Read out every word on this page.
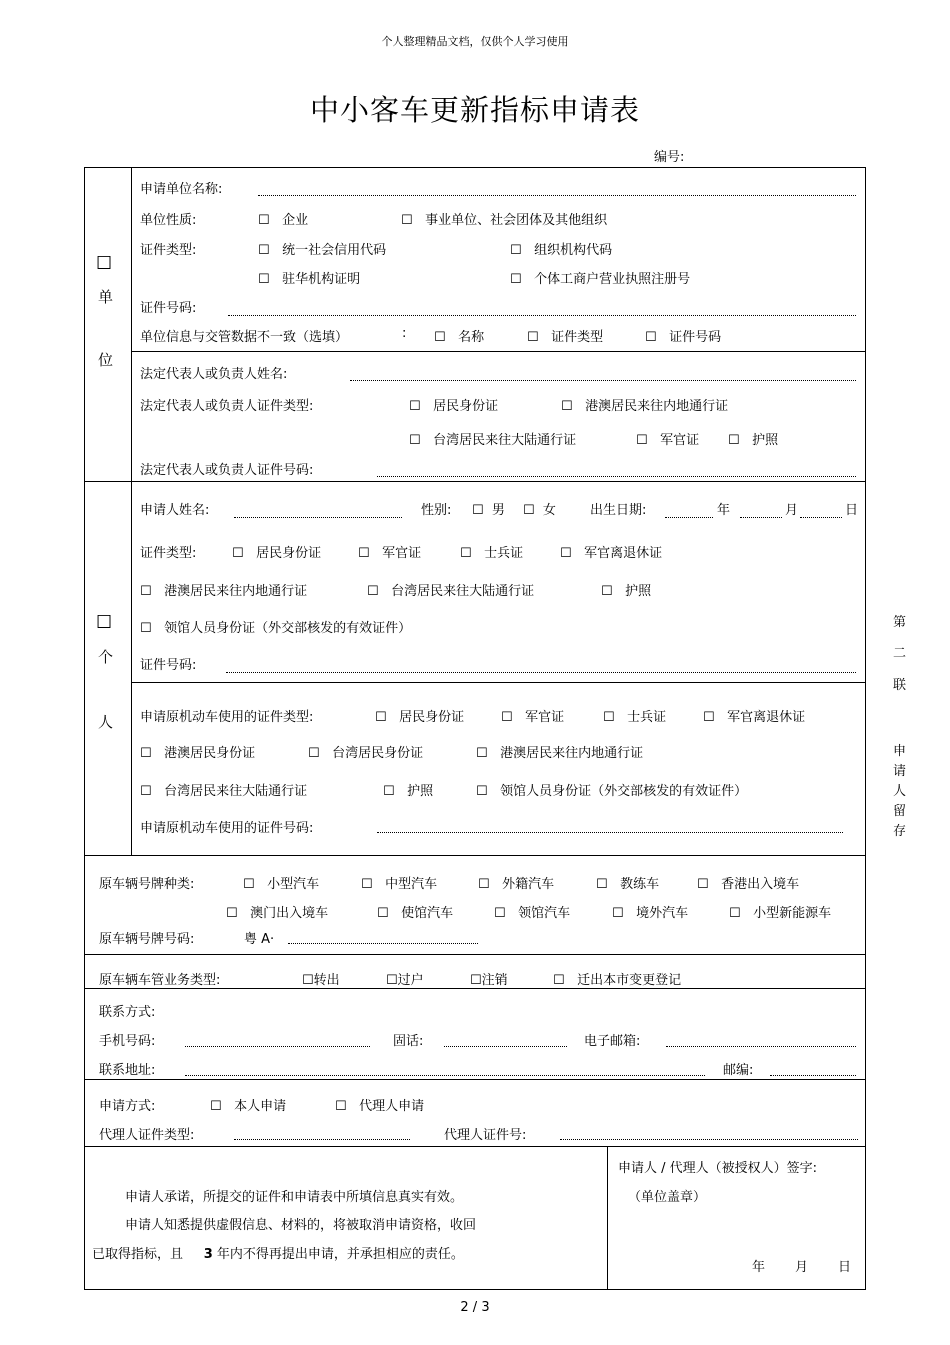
个人整理精品文档，仅供个人学习使用
中小客车更新指标申请表
编号:
☐
单
位
申请单位名称:
单位性质:	☐ 企业	☐ 事业单位、社会团体及其他组织
证件类型:	☐ 统一社会信用代码	☐ 组织机构代码
☐ 驻华机构证明	☐ 个体工商户营业执照注册号
证件号码:
单位信息与交管数据不一致（选填）	: ☐ 名称	☐ 证件类型	☐ 证件号码
法定代表人或负责人姓名:
法定代表人或负责人证件类型:	☐ 居民身份证	☐ 港澳居民来往内地通行证
☐ 台湾居民来往大陆通行证	☐ 军官证 ☐ 护照
法定代表人或负责人证件号码:
☐
个
人
申请人姓名:	性别: ☐ 男 ☐ 女	出生日期:	年	月	日
证件类型:	☐ 居民身份证	☐ 军官证	☐ 士兵证	☐ 军官离退休证
☐ 港澳居民来往内地通行证	☐ 台湾居民来往大陆通行证	☐ 护照
☐ 领馆人员身份证（外交部核发的有效证件）
证件号码:
申请原机动车使用的证件类型:	☐ 居民身份证	☐ 军官证	☐ 士兵证	☐ 军官离退休证
☐ 港澳居民身份证	☐ 台湾居民身份证	☐ 港澳居民来往内地通行证
☐ 台湾居民来往大陆通行证	☐ 护照	☐ 领馆人员身份证（外交部核发的有效证件）
申请原机动车使用的证件号码:
原车辆号牌种类:	☐ 小型汽车	☐ 中型汽车	☐ 外籍汽车	☐ 教练车	☐ 香港出入境车
☐ 澳门出入境车	☐ 使馆汽车	☐ 领馆汽车	☐ 境外汽车	☐ 小型新能源车
原车辆号牌号码:	粤 A·
原车辆车管业务类型:	☐转出	☐过户	☐注销	☐ 迁出本市变更登记
联系方式:
手机号码:	固话:	电子邮箱:
联系地址:	邮编:
申请方式:	☐ 本人申请	☐ 代理人申请
代理人证件类型:	代理人证件号:
申请人承诺，所提交的证件和申请表中所填信息真实有效。
申请人知悉提供虚假信息、材料的，将被取消申请资格，收回
已取得指标，且 3 年内不得再提出申请，并承担相应的责任。
申请人 / 代理人（被授权人）签字:
（单位盖章）
年 月 日
第
二
联
申
请
人
留
存
2 / 3
